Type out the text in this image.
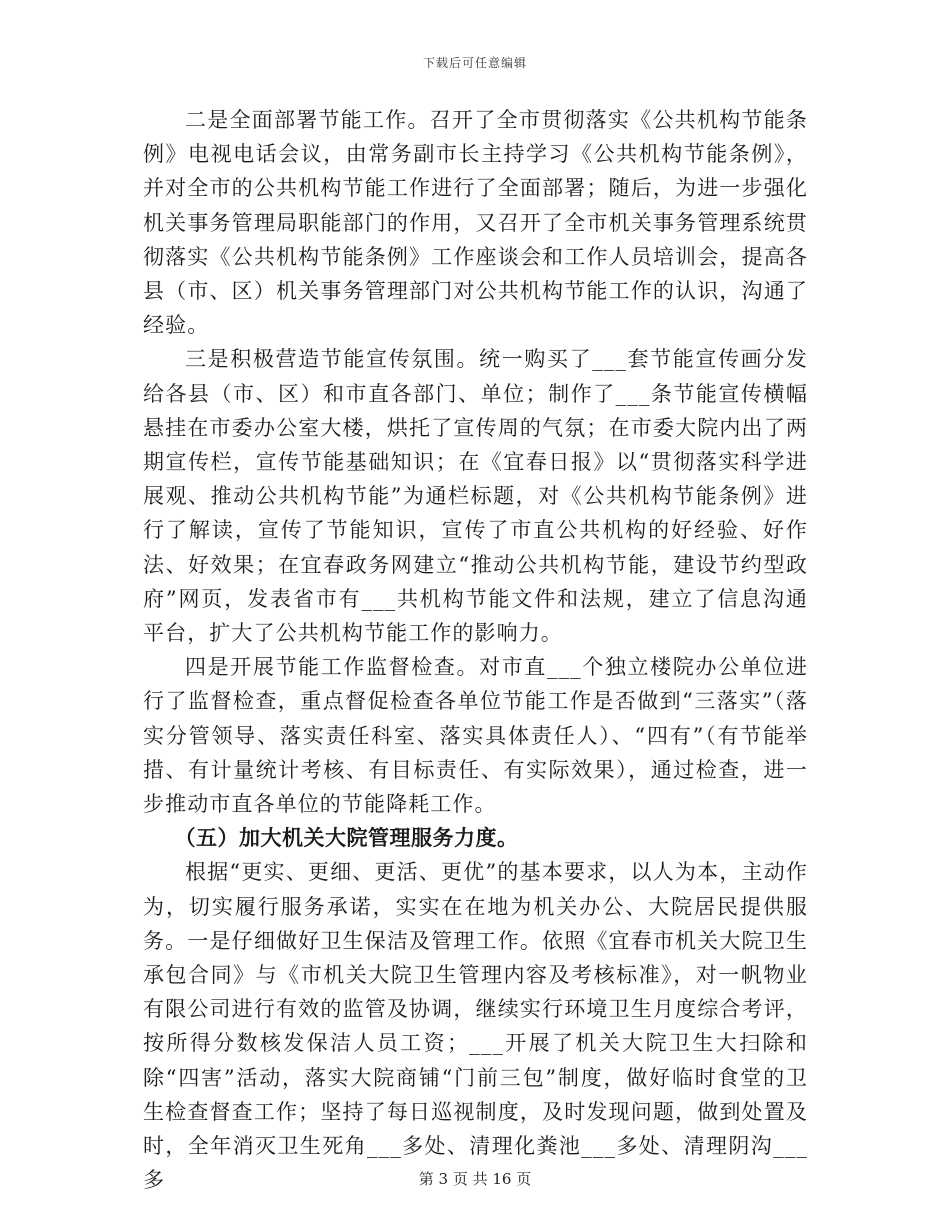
下载后可任意编辑

二是全面部署节能工作。召开了全市贯彻落实《公共机构节能条例》电视电话会议，由常务副市长主持学习《公共机构节能条例》，并对全市的公共机构节能工作进行了全面部署；随后，为进一步强化机关事务管理局职能部门的作用，又召开了全市机关事务管理系统贯彻落实《公共机构节能条例》工作座谈会和工作人员培训会，提高各县（市、区）机关事务管理部门对公共机构节能工作的认识，沟通了经验。

三是积极营造节能宣传氛围。统一购买了___套节能宣传画分发给各县（市、区）和市直各部门、单位；制作了___条节能宣传横幅悬挂在市委办公室大楼，烘托了宣传周的气氛；在市委大院内出了两期宣传栏，宣传节能基础知识；在《宜春日报》以“贯彻落实科学进展观、推动公共机构节能”为通栏标题，对《公共机构节能条例》进行了解读，宣传了节能知识，宣传了市直公共机构的好经验、好作法、好效果；在宜春政务网建立“推动公共机构节能，建设节约型政府”网页，发表省市有___共机构节能文件和法规，建立了信息沟通平台，扩大了公共机构节能工作的影响力。

四是开展节能工作监督检查。对市直___个独立楼院办公单位进行了监督检查，重点督促检查各单位节能工作是否做到“三落实”（落实分管领导、落实责任科室、落实具体责任人）、“四有”（有节能举措、有计量统计考核、有目标责任、有实际效果），通过检查，进一步推动市直各单位的节能降耗工作。

（五）加大机关大院管理服务力度。

根据“更实、更细、更活、更优”的基本要求，以人为本，主动作为，切实履行服务承诺，实实在在地为机关办公、大院居民提供服务。一是仔细做好卫生保洁及管理工作。依照《宜春市机关大院卫生承包合同》与《市机关大院卫生管理内容及考核标准》，对一帆物业有限公司进行有效的监管及协调，继续实行环境卫生月度综合考评，按所得分数核发保洁人员工资；___开展了机关大院卫生大扫除和除“四害”活动，落实大院商铺“门前三包”制度，做好临时食堂的卫生检查督查工作；坚持了每日巡视制度，及时发现问题，做到处置及时，全年消灭卫生死角___多处、清理化粪池___多处、清理阴沟___多	第 3 页 共 16 页
